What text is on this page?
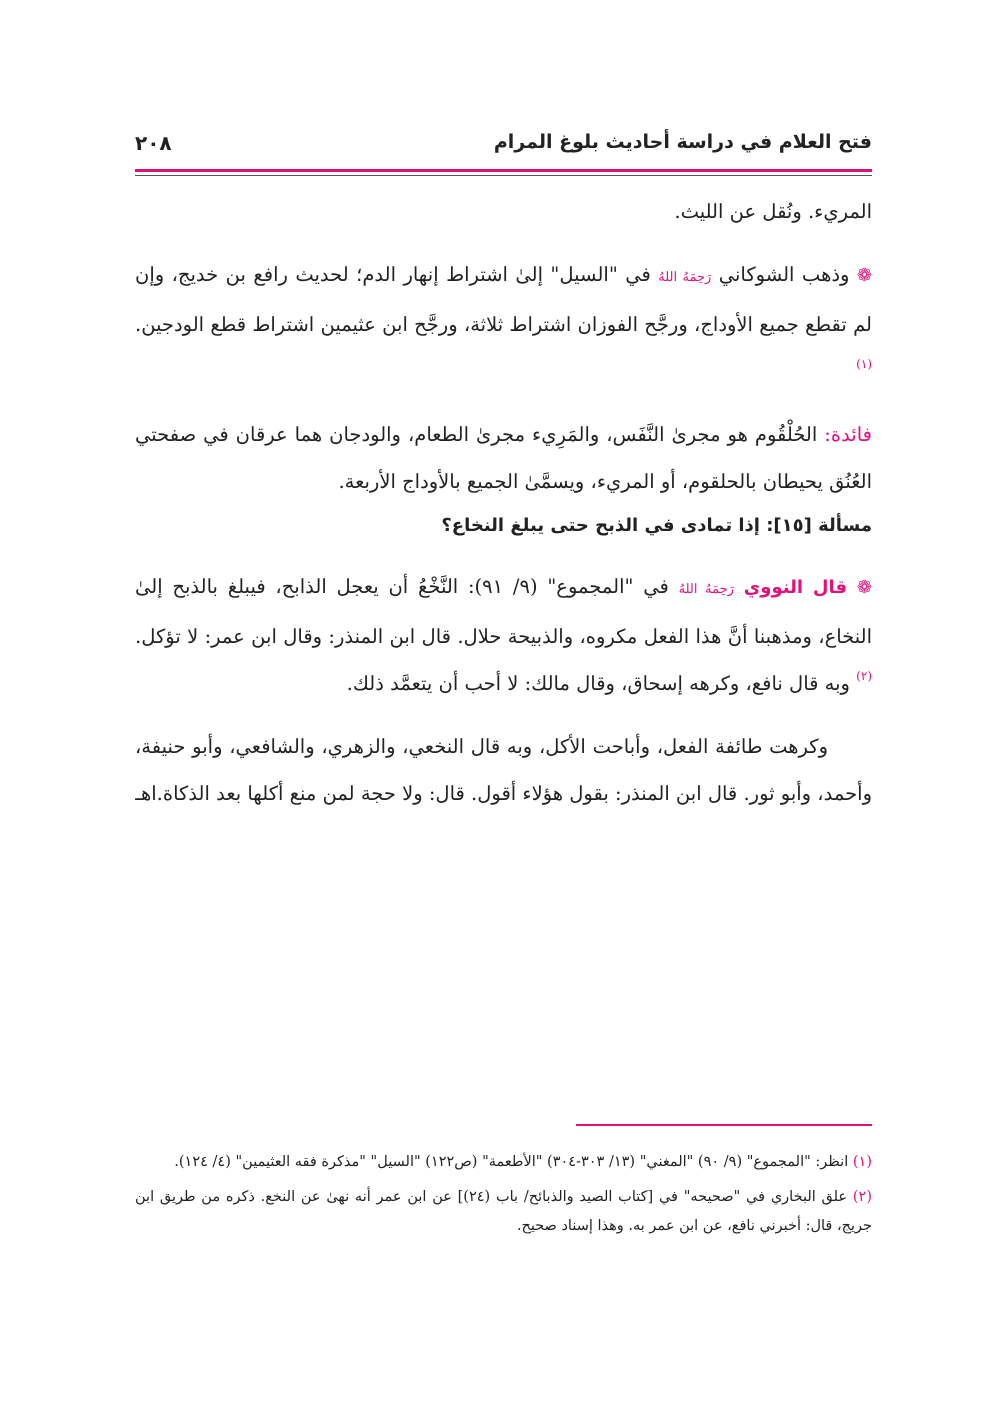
فتح العلام في دراسة أحاديث بلوغ المرام
٢٠٨

المريء. ونُقل عن الليث.

❁ وذهب الشوكاني رَحِمَهُ اللهُ في "السيل" إلىٰ اشتراط إنهار الدم؛ لحديث رافع بن خديج، وإن لم تقطع جميع الأوداج، ورجَّح الفوزان اشتراط ثلاثة، ورجَّح ابن عثيمين اشتراط قطع الودجين.$^{(١)}$

فائدة: الحُلْقُوم هو مجرىٰ النَّفَس، والمَرِيء مجرىٰ الطعام، والودجان هما عرقان في صفحتي العُنُق يحيطان بالحلقوم، أو المريء، ويسمَّىٰ الجميع بالأوداج الأربعة.

مسألة [١٥]: إذا تمادى في الذبح حتى يبلغ النخاع؟

❁ قال النووي رَحِمَهُ اللهُ في "المجموع" (٩/ ٩١): النَّخْعُ أن يعجل الذابح، فيبلغ بالذبح إلىٰ النخاع، ومذهبنا أنَّ هذا الفعل مكروه، والذبيحة حلال. قال ابن المنذر: وقال ابن عمر: لا تؤكل.$^{(٢)}$ وبه قال نافع، وكرهه إسحاق، وقال مالك: لا أحب أن يتعمَّد ذلك.

وكرهت طائفة الفعل، وأباحت الأكل، وبه قال النخعي، والزهري، والشافعي، وأبو حنيفة، وأحمد، وأبو ثور. قال ابن المنذر: بقول هؤلاء أقول. قال: ولا حجة لمن منع أكلها بعد الذكاة.اهـ

(١) انظر: "المجموع" (٩/ ٩٠) "المغني" (١٣/ ٣٠٣-٣٠٤) "الأطعمة" (ص١٢٢) "السيل" "مذكرة فقه العثيمين" (٤/ ١٢٤).

(٢) علق البخاري في "صحيحه" في [كتاب الصيد والذبائح/ باب (٢٤)] عن ابن عمر أنه نهىٰ عن النخع. ذكره من طريق ابن جريج، قال: أخبرني نافع، عن ابن عمر به. وهذا إسناد صحيح.
